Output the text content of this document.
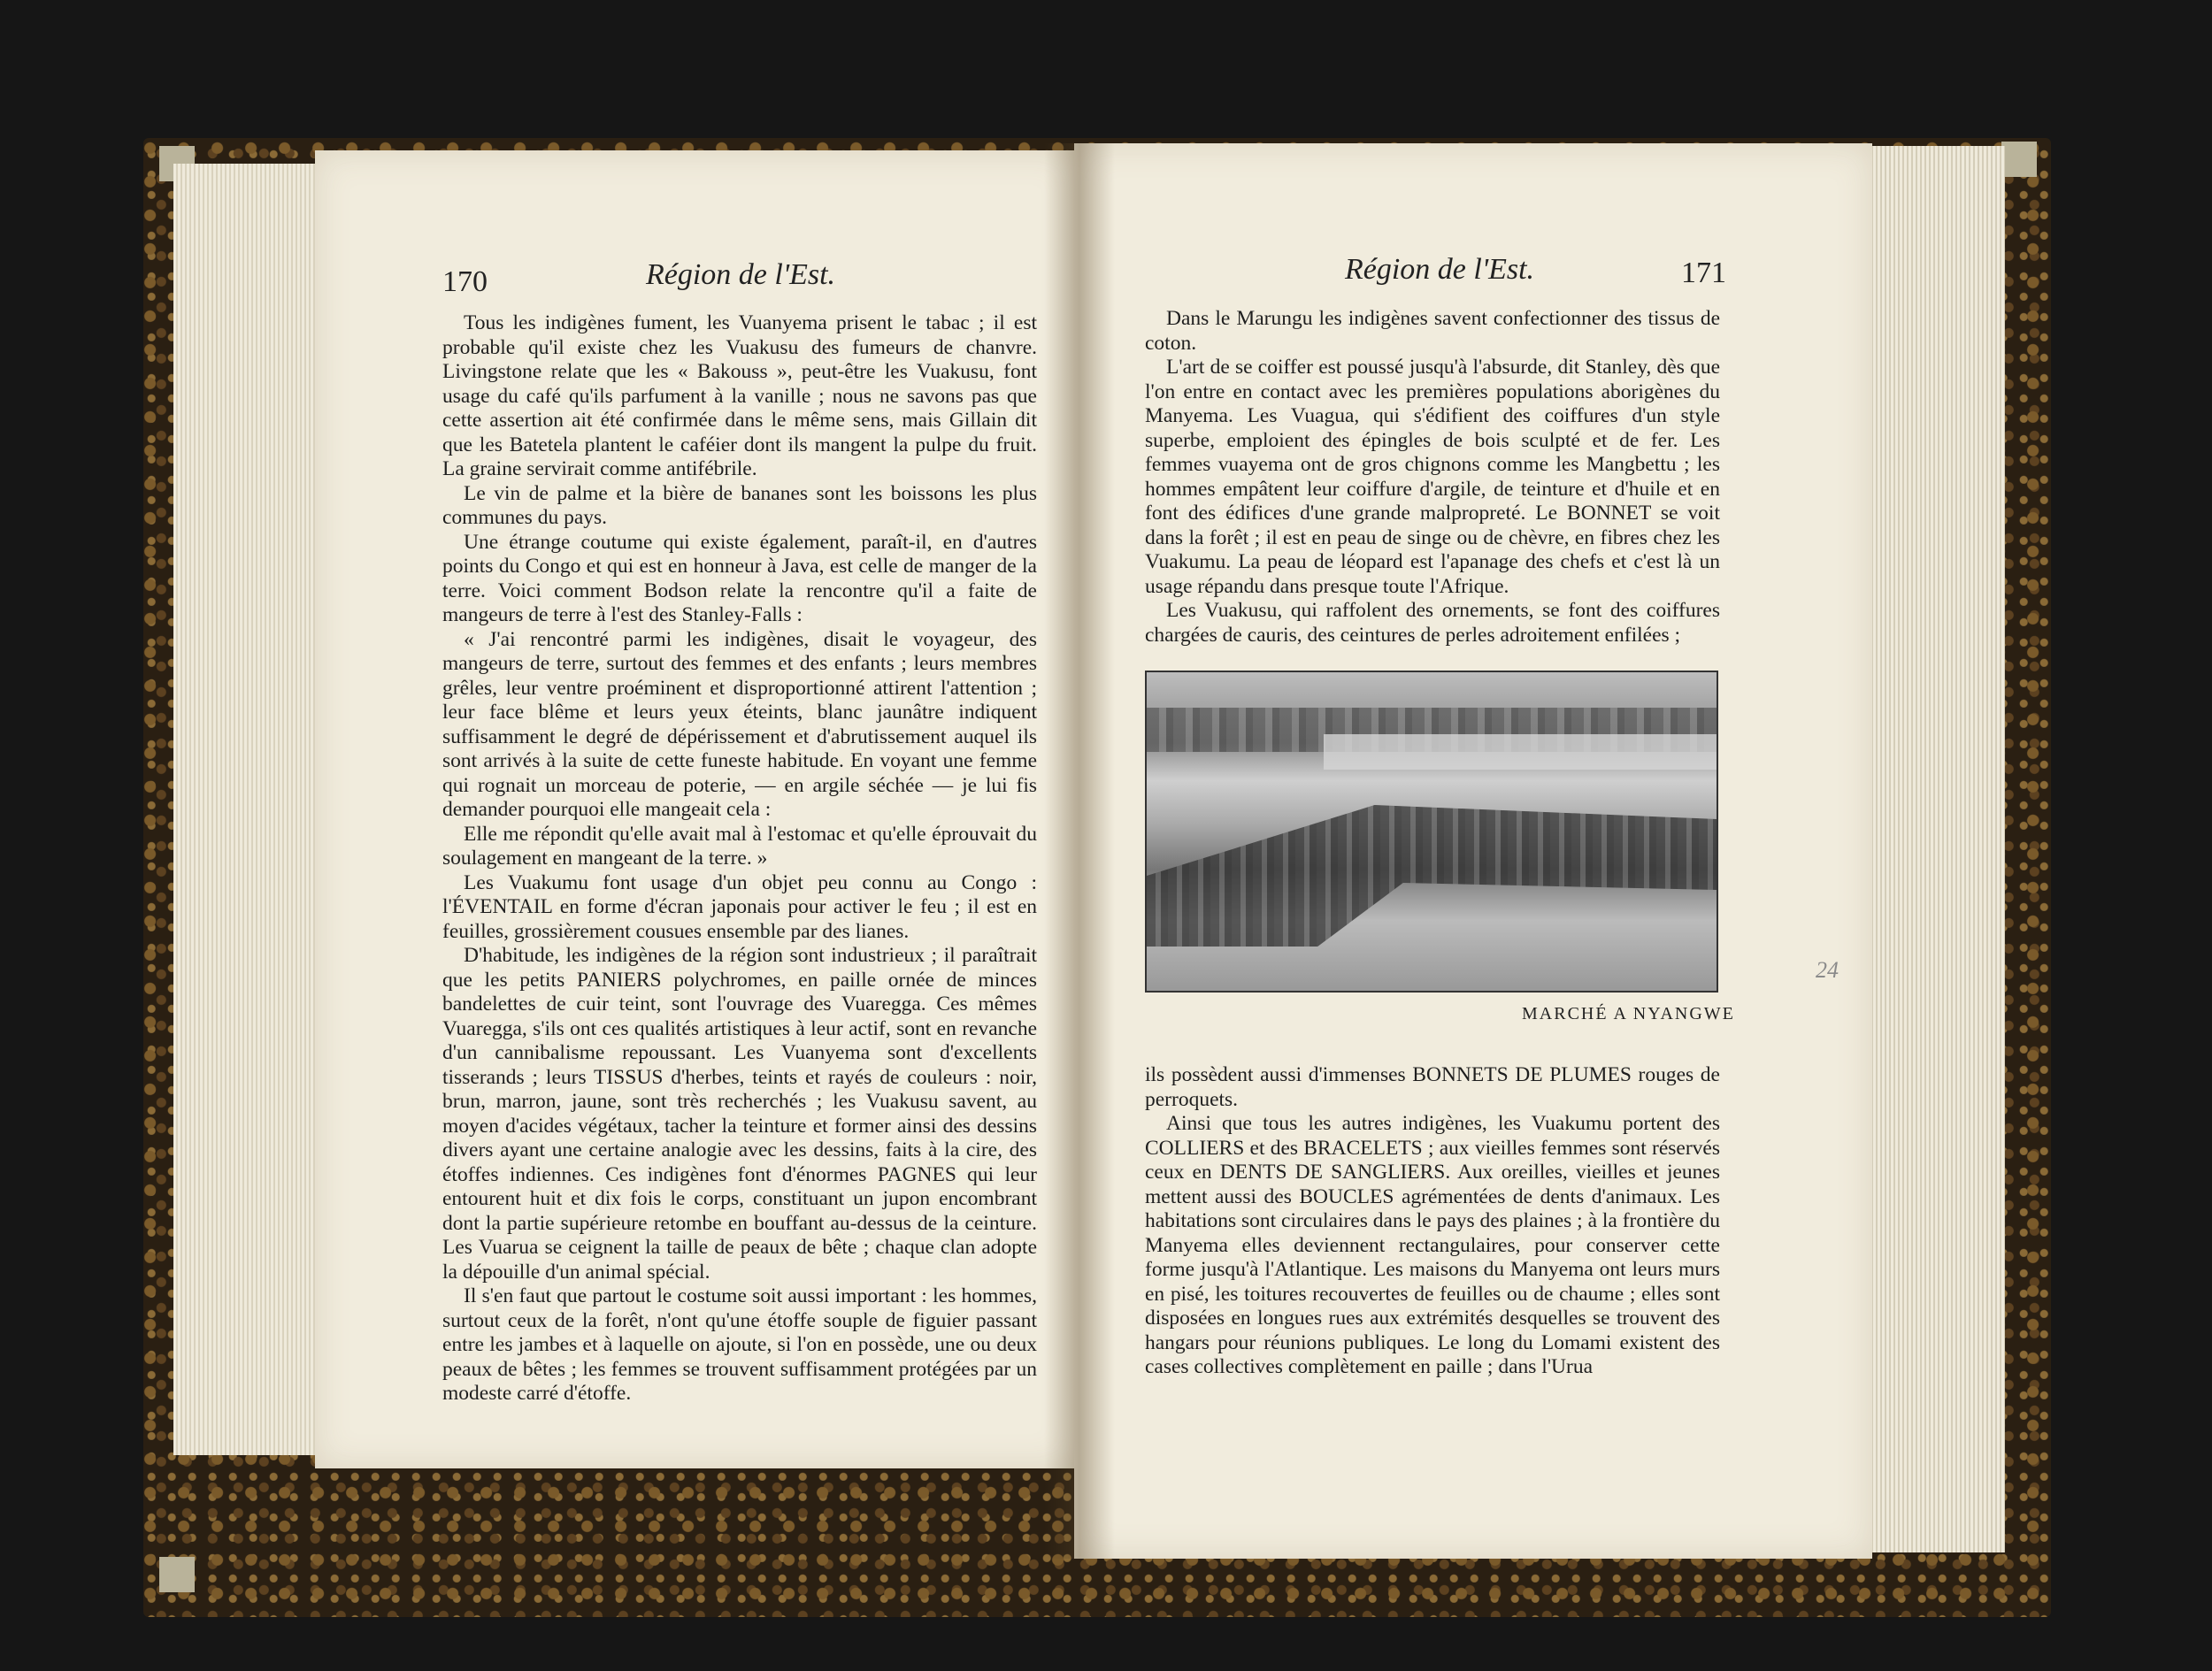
170	Région de l'Est.

Tous les indigènes fument, les Vuanyema prisent le tabac ; il est probable qu'il existe chez les Vuakusu des fumeurs de chanvre. Livingstone relate que les « Bakouss », peut-être les Vuakusu, font usage du café qu'ils parfument à la vanille ; nous ne savons pas que cette assertion ait été confirmée dans le même sens, mais Gillain dit que les Batetela plantent le caféier dont ils mangent la pulpe du fruit. La graine servirait comme antifébrile.

Le vin de palme et la bière de bananes sont les boissons les plus communes du pays.

Une étrange coutume qui existe également, paraît-il, en d'autres points du Congo et qui est en honneur à Java, est celle de manger de la terre. Voici comment Bodson relate la rencontre qu'il a faite de mangeurs de terre à l'est des Stanley-Falls :

« J'ai rencontré parmi les indigènes, disait le voyageur, des mangeurs de terre, surtout des femmes et des enfants ; leurs membres grêles, leur ventre proéminent et disproportionné attirent l'attention ; leur face blême et leurs yeux éteints, blanc jaunâtre indiquent suffisamment le degré de dépérissement et d'abrutissement auquel ils sont arrivés à la suite de cette funeste habitude. En voyant une femme qui rognait un morceau de poterie, — en argile séchée — je lui fis demander pourquoi elle mangeait cela :

Elle me répondit qu'elle avait mal à l'estomac et qu'elle éprouvait du soulagement en mangeant de la terre. »

Les Vuakumu font usage d'un objet peu connu au Congo : l'ÉVENTAIL en forme d'écran japonais pour activer le feu ; il est en feuilles, grossièrement cousues ensemble par des lianes.

D'habitude, les indigènes de la région sont industrieux ; il paraîtrait que les petits PANIERS polychromes, en paille ornée de minces bandelettes de cuir teint, sont l'ouvrage des Vuaregga. Ces mêmes Vuaregga, s'ils ont ces qualités artistiques à leur actif, sont en revanche d'un cannibalisme repoussant. Les Vuanyema sont d'excellents tisserands ; leurs TISSUS d'herbes, teints et rayés de couleurs : noir, brun, marron, jaune, sont très recherchés ; les Vuakusu savent, au moyen d'acides végétaux, tacher la teinture et former ainsi des dessins divers ayant une certaine analogie avec les dessins, faits à la cire, des étoffes indiennes. Ces indigènes font d'énormes PAGNES qui leur entourent huit et dix fois le corps, constituant un jupon encombrant dont la partie supérieure retombe en bouffant au-dessus de la ceinture. Les Vuarua se ceignent la taille de peaux de bête ; chaque clan adopte la dépouille d'un animal spécial.

Il s'en faut que partout le costume soit aussi important : les hommes, surtout ceux de la forêt, n'ont qu'une étoffe souple de figuier passant entre les jambes et à laquelle on ajoute, si l'on en possède, une ou deux peaux de bêtes ; les femmes se trouvent suffisamment protégées par un modeste carré d'étoffe.

Région de l'Est.	171

Dans le Marungu les indigènes savent confectionner des tissus de coton.

L'art de se coiffer est poussé jusqu'à l'absurde, dit Stanley, dès que l'on entre en contact avec les premières populations aborigènes du Manyema. Les Vuagua, qui s'édifient des coiffures d'un style superbe, emploient des épingles de bois sculpté et de fer. Les femmes vuayema ont de gros chignons comme les Mangbettu ; les hommes empâtent leur coiffure d'argile, de teinture et d'huile et en font des édifices d'une grande malpropreté. Le BONNET se voit dans la forêt ; il est en peau de singe ou de chèvre, en fibres chez les Vuakumu. La peau de léopard est l'apanage des chefs et c'est là un usage répandu dans presque toute l'Afrique.

Les Vuakusu, qui raffolent des ornements, se font des coiffures chargées de cauris, des ceintures de perles adroitement enfilées ;

MARCHÉ A NYANGWE

ils possèdent aussi d'immenses BONNETS DE PLUMES rouges de perroquets.

Ainsi que tous les autres indigènes, les Vuakumu portent des COLLIERS et des BRACELETS ; aux vieilles femmes sont réservés ceux en DENTS DE SANGLIERS. Aux oreilles, vieilles et jeunes mettent aussi des BOUCLES agrémentées de dents d'animaux. Les habitations sont circulaires dans le pays des plaines ; à la frontière du Manyema elles deviennent rectangulaires, pour conserver cette forme jusqu'à l'Atlantique. Les maisons du Manyema ont leurs murs en pisé, les toitures recouvertes de feuilles ou de chaume ; elles sont disposées en longues rues aux extrémités desquelles se trouvent des hangars pour réunions publiques. Le long du Lomami existent des cases collectives complètement en paille ; dans l'Urua

24
